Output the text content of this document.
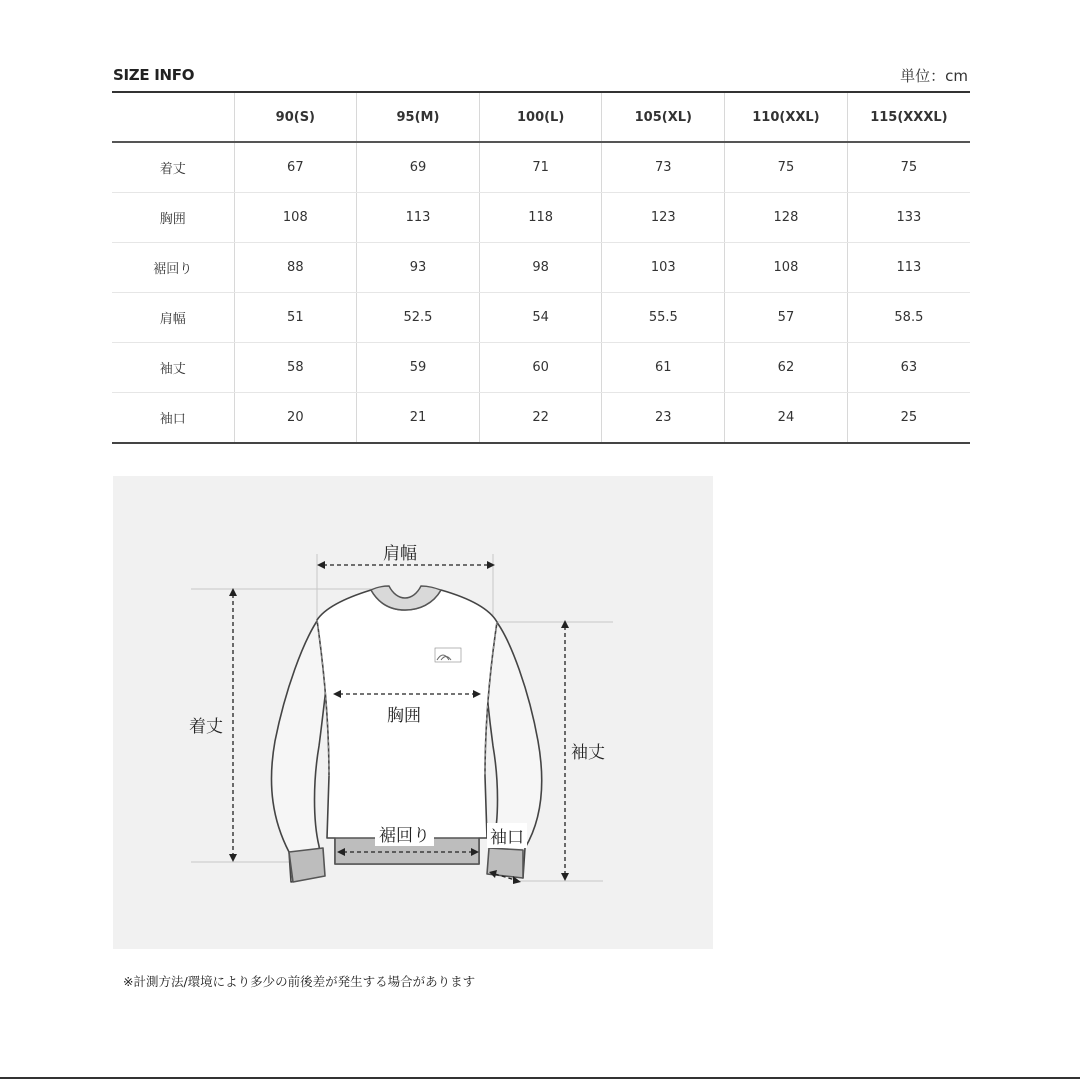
SIZE INFO	単位：cm
	90(S)	95(M)	100(L)	105(XL)	110(XXL)	115(XXXL)
着丈	67	69	71	73	75	75
胸囲	108	113	118	123	128	133
裾回り	88	93	98	103	108	113
肩幅	51	52.5	54	55.5	57	58.5
袖丈	58	59	60	61	62	63
袖口	20	21	22	23	24	25
肩幅
胸囲
着丈
袖丈
裾回り	袖口
※計測方法/環境により多少の前後差が発生する場合があります
